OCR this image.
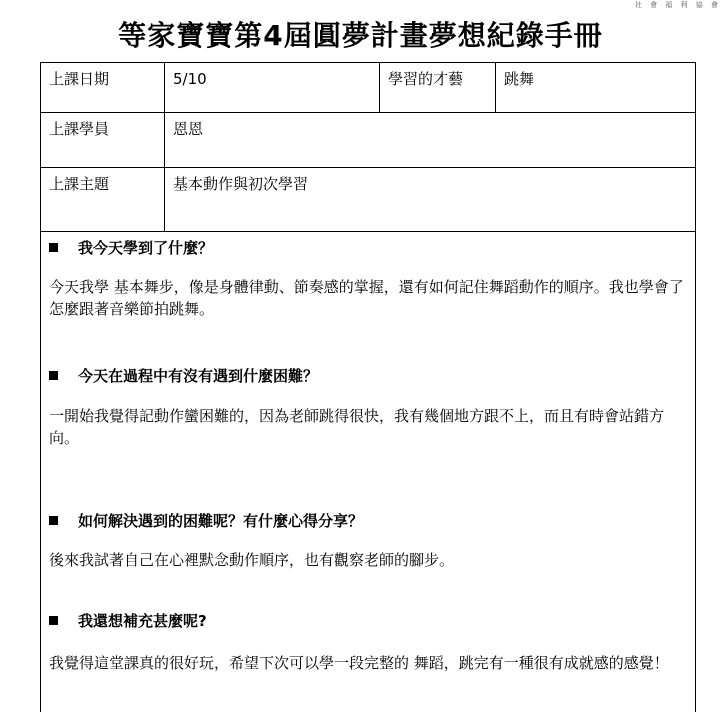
社 會 福 利 協 會
等家寶寶第4屆圓夢計畫夢想紀錄手冊
上課日期	5/10	學習的才藝	跳舞
上課學員	恩恩
上課主題	基本動作與初次學習
我今天學到了什麼？
今天我學 基本舞步，像是身體律動、節奏感的掌握，還有如何記住舞蹈動作的順序。我也學會了怎麼跟著音樂節拍跳舞。
今天在過程中有沒有遇到什麼困難？
一開始我覺得記動作蠻困難的，因為老師跳得很快，我有幾個地方跟不上，而且有時會站錯方向。
如何解決遇到的困難呢？有什麼心得分享？
後來我試著自己在心裡默念動作順序，也有觀察老師的腳步。
我還想補充甚麼呢?
我覺得這堂課真的很好玩，希望下次可以學一段完整的 舞蹈，跳完有一種很有成就感的感覺！
